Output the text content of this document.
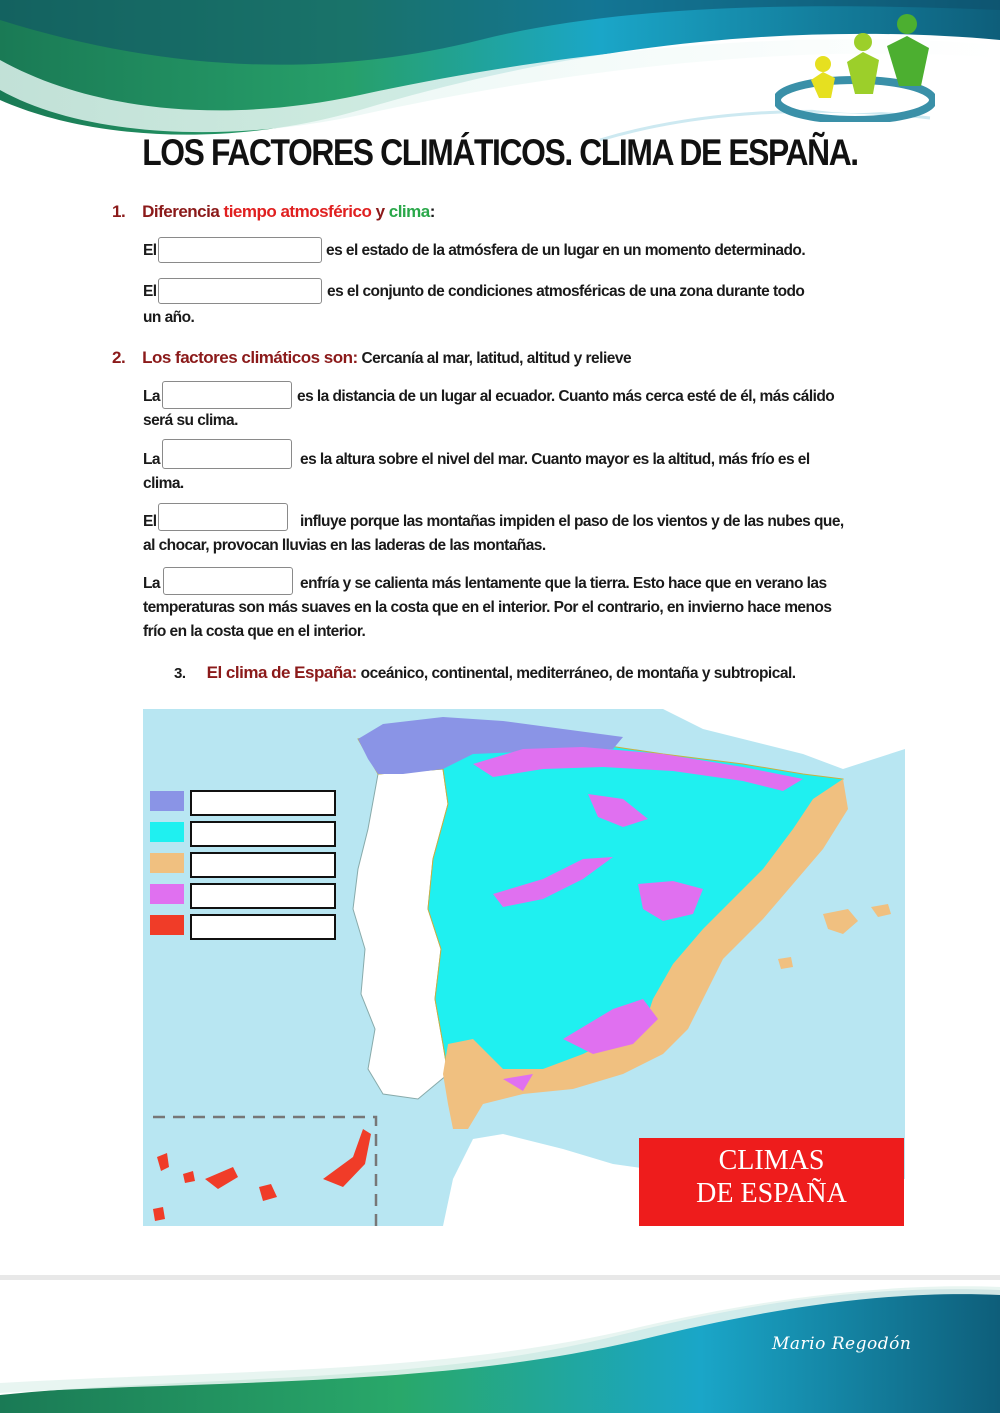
LOS FACTORES CLIMÁTICOS. CLIMA DE ESPAÑA.
1. Diferencia tiempo atmosférico y clima:
El	es el estado de la atmósfera de un lugar en un momento determinado.
El	es el conjunto de condiciones atmosféricas de una zona durante todo
un año.
2. Los factores climáticos son: Cercanía al mar, latitud, altitud y relieve
La	es la distancia de un lugar al ecuador. Cuanto más cerca esté de él, más cálido
será su clima.
La	es la altura sobre el nivel del mar. Cuanto mayor es la altitud, más frío es el
clima.
El	influye porque las montañas impiden el paso de los vientos y de las nubes que,
al chocar, provocan lluvias en las laderas de las montañas.
La	enfría y se calienta más lentamente que la tierra. Esto hace que en verano las
temperaturas son más suaves en la costa que en el interior. Por el contrario, en invierno hace menos
frío en la costa que en el interior.
3. El clima de España: oceánico, continental, mediterráneo, de montaña y subtropical.
CLIMAS
DE ESPAÑA
Mario Regodón
